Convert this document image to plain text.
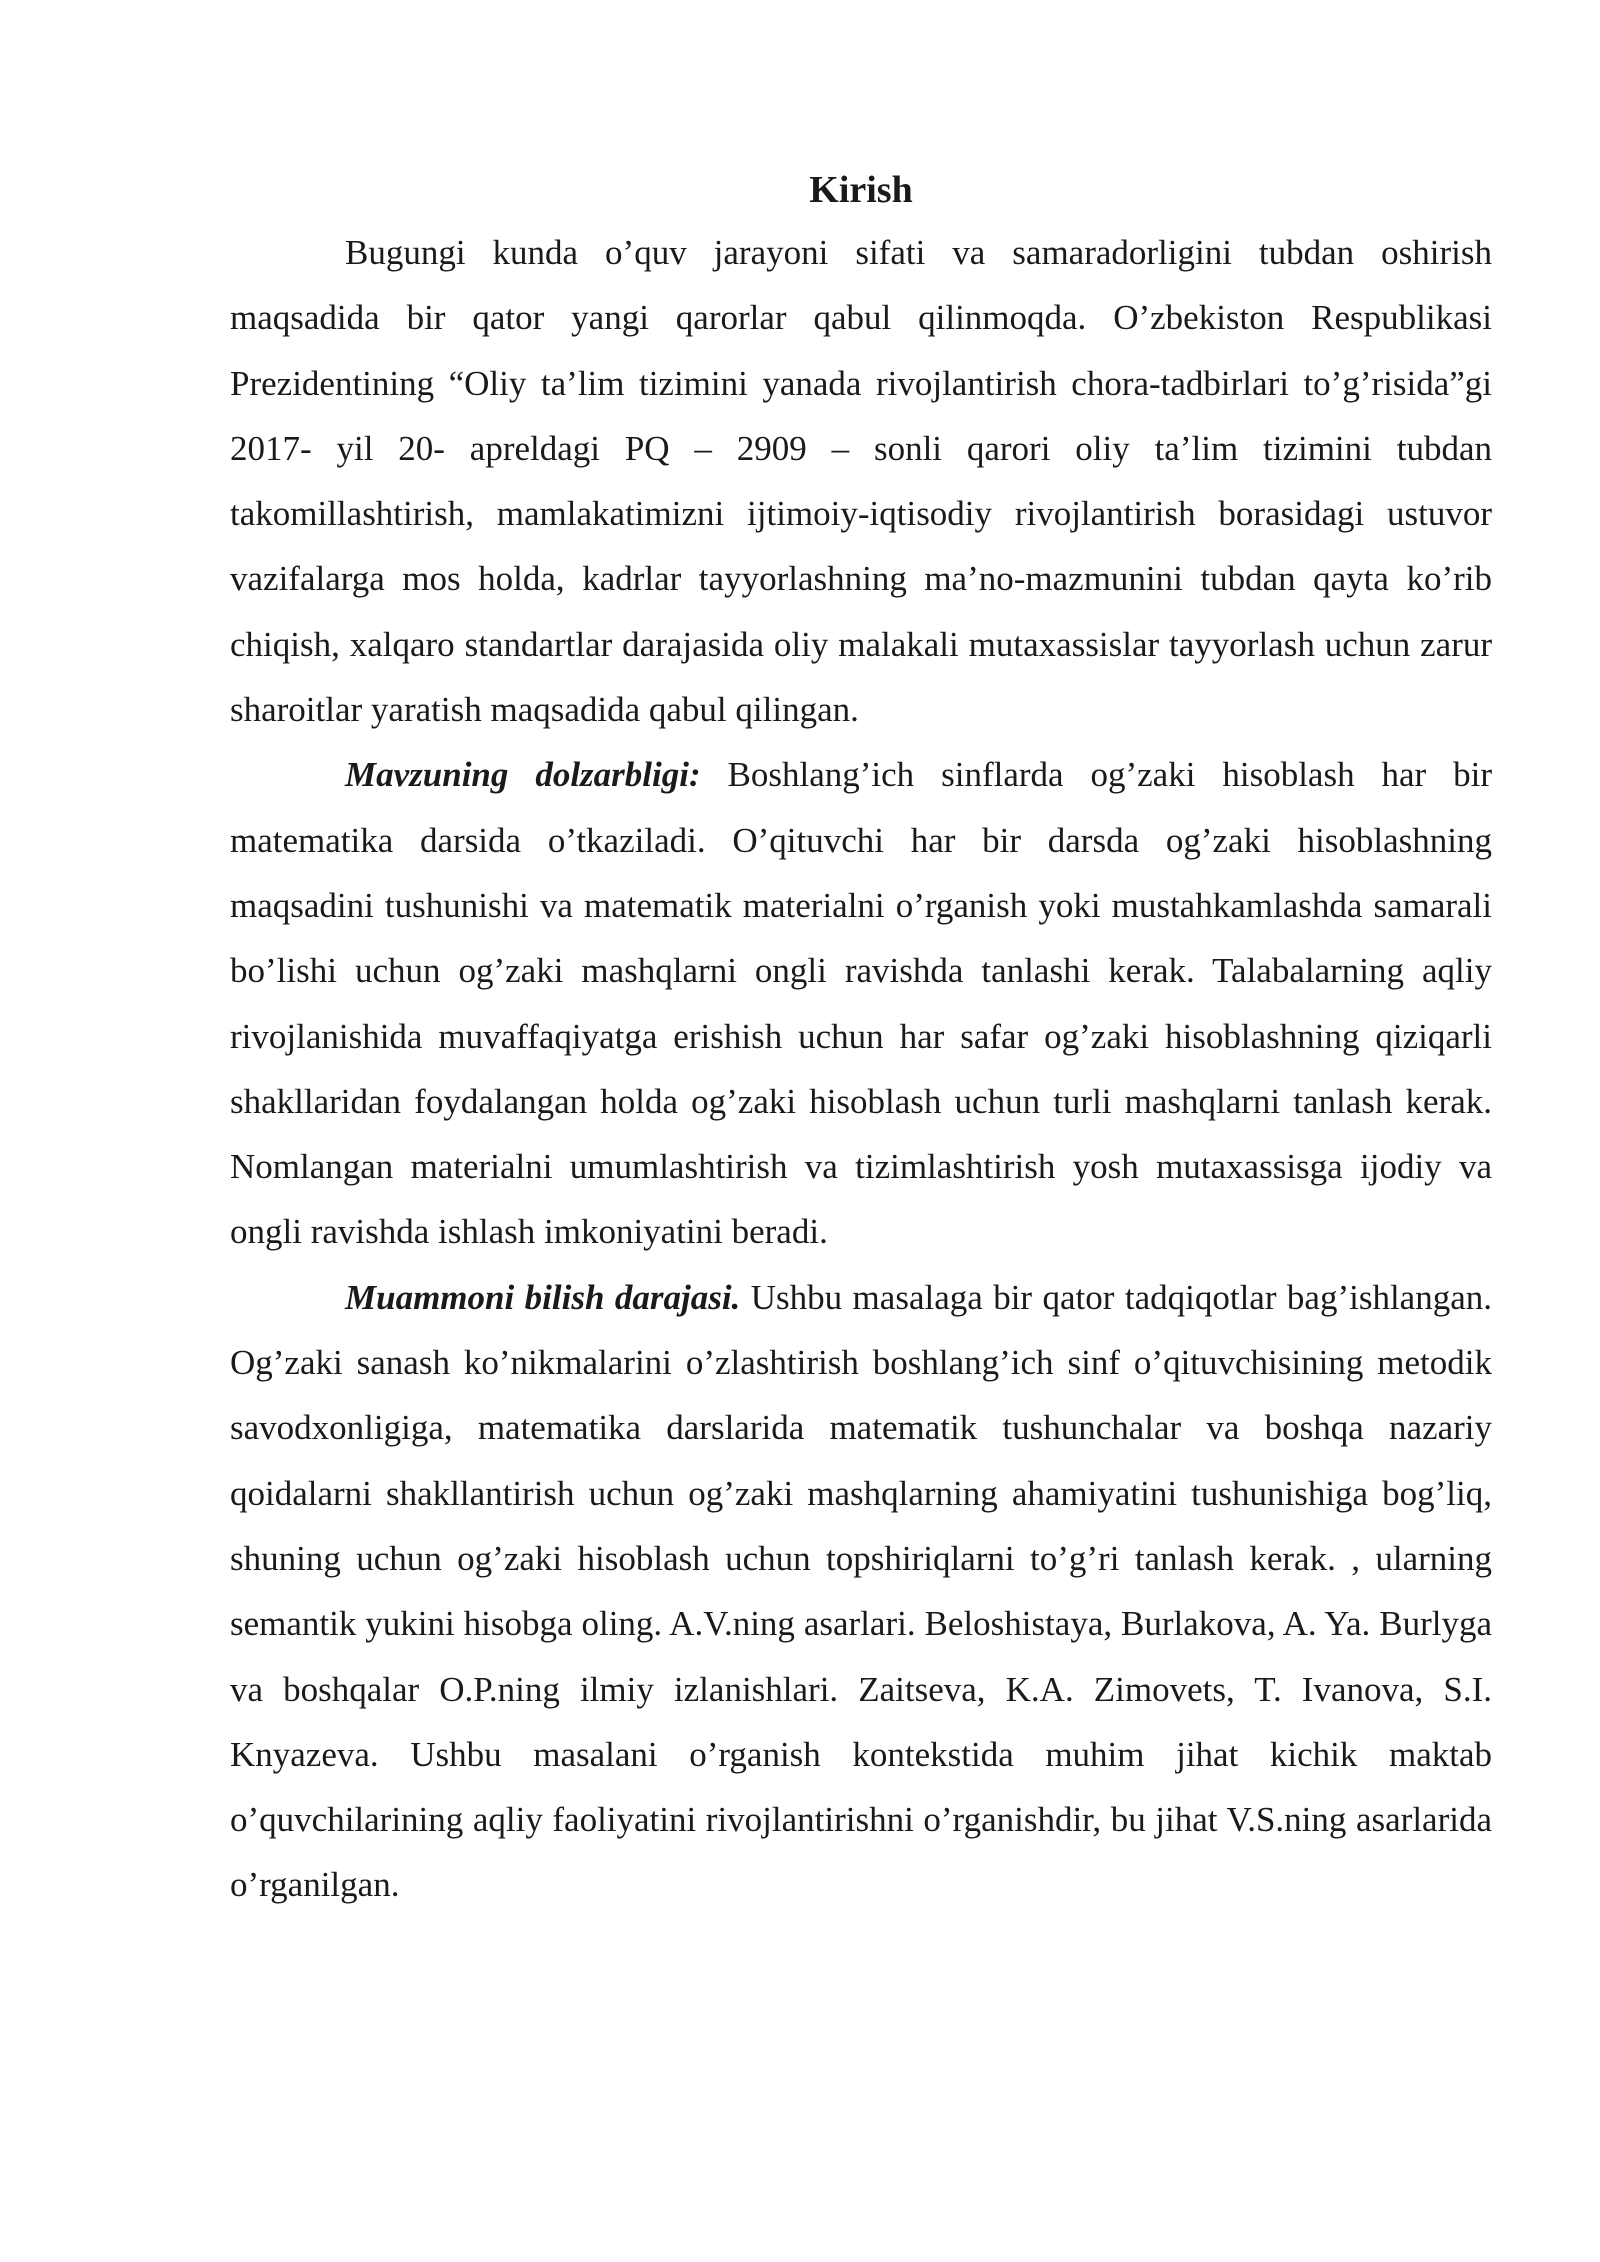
Kirish

Bugungi kunda o’quv jarayoni sifati va samaradorligini tubdan oshirish maqsadida bir qator yangi qarorlar qabul qilinmoqda. O’zbekiston Respublikasi Prezidentining “Oliy ta’lim tizimini yanada rivojlantirish chora-tadbirlari to’g’risida”gi 2017- yil 20- apreldagi PQ – 2909 – sonli qarori oliy ta’lim tizimini tubdan takomillashtirish, mamlakatimizni ijtimoiy-iqtisodiy rivojlantirish borasidagi ustuvor vazifalarga mos holda, kadrlar tayyorlashning ma’no-mazmunini tubdan qayta ko’rib chiqish, xalqaro standartlar darajasida oliy malakali mutaxassislar tayyorlash uchun zarur sharoitlar yaratish maqsadida qabul qilingan.

Mavzuning dolzarbligi: Boshlang’ich sinflarda og’zaki hisoblash har bir matematika darsida o’tkaziladi. O’qituvchi har bir darsda og’zaki hisoblashning maqsadini tushunishi va matematik materialni o’rganish yoki mustahkamlashda samarali bo’lishi uchun og’zaki mashqlarni ongli ravishda tanlashi kerak. Talabalarning aqliy rivojlanishida muvaffaqiyatga erishish uchun har safar og’zaki hisoblashning qiziqarli shakllaridan foydalangan holda og’zaki hisoblash uchun turli mashqlarni tanlash kerak. Nomlangan materialni umumlashtirish va tizimlashtirish yosh mutaxassisga ijodiy va ongli ravishda ishlash imkoniyatini beradi.

Muammoni bilish darajasi. Ushbu masalaga bir qator tadqiqotlar bag’ishlangan. Og’zaki sanash ko’nikmalarini o’zlashtirish boshlang’ich sinf o’qituvchisining metodik savodxonligiga, matematika darslarida matematik tushunchalar va boshqa nazariy qoidalarni shakllantirish uchun og’zaki mashqlarning ahamiyatini tushunishiga bog’liq, shuning uchun og’zaki hisoblash uchun topshiriqlarni to’g’ri tanlash kerak. , ularning semantik yukini hisobga oling. A.V.ning asarlari. Beloshistaya, Burlakova, A. Ya. Burlyga va boshqalar O.P.ning ilmiy izlanishlari. Zaitseva, K.A. Zimovets, T. Ivanova, S.I. Knyazeva. Ushbu masalani o’rganish kontekstida muhim jihat kichik maktab o’quvchilarining aqliy faoliyatini rivojlantirishni o’rganishdir, bu jihat V.S.ning asarlarida o’rganilgan.
